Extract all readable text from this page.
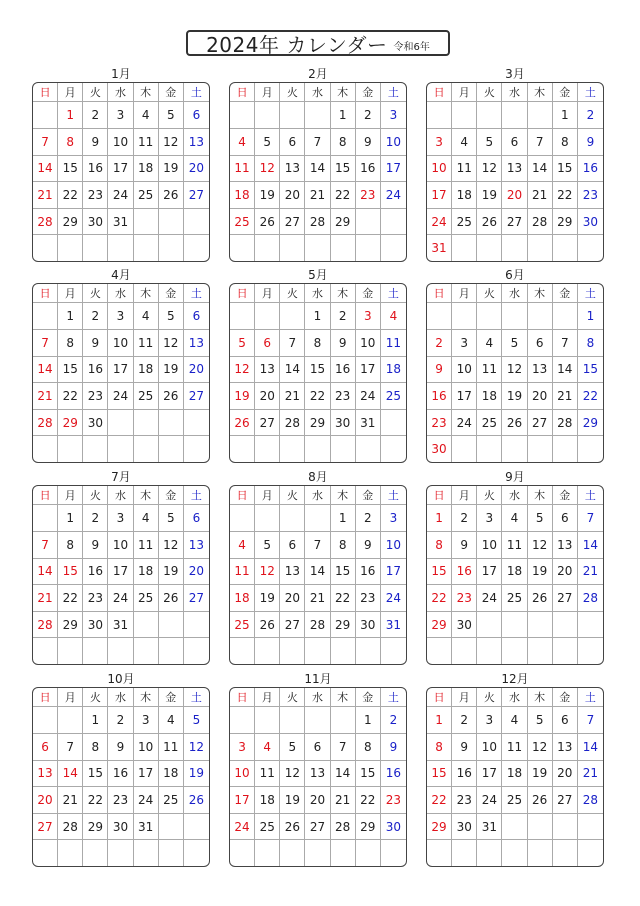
2024年 カレンダー 令和6年
1月
日	月	火	水	木	金	土
	1	2	3	4	5	6
7	8	9	10	11	12	13
14	15	16	17	18	19	20
21	22	23	24	25	26	27
28	29	30	31			

2月
日	月	火	水	木	金	土
				1	2	3
4	5	6	7	8	9	10
11	12	13	14	15	16	17
18	19	20	21	22	23	24
25	26	27	28	29		

3月
日	月	火	水	木	金	土
					1	2
3	4	5	6	7	8	9
10	11	12	13	14	15	16
17	18	19	20	21	22	23
24	25	26	27	28	29	30
31						
4月
日	月	火	水	木	金	土
	1	2	3	4	5	6
7	8	9	10	11	12	13
14	15	16	17	18	19	20
21	22	23	24	25	26	27
28	29	30				

5月
日	月	火	水	木	金	土
			1	2	3	4
5	6	7	8	9	10	11
12	13	14	15	16	17	18
19	20	21	22	23	24	25
26	27	28	29	30	31	

6月
日	月	火	水	木	金	土
						1
2	3	4	5	6	7	8
9	10	11	12	13	14	15
16	17	18	19	20	21	22
23	24	25	26	27	28	29
30						
7月
日	月	火	水	木	金	土
	1	2	3	4	5	6
7	8	9	10	11	12	13
14	15	16	17	18	19	20
21	22	23	24	25	26	27
28	29	30	31			

8月
日	月	火	水	木	金	土
				1	2	3
4	5	6	7	8	9	10
11	12	13	14	15	16	17
18	19	20	21	22	23	24
25	26	27	28	29	30	31

9月
日	月	火	水	木	金	土
1	2	3	4	5	6	7
8	9	10	11	12	13	14
15	16	17	18	19	20	21
22	23	24	25	26	27	28
29	30					

10月
日	月	火	水	木	金	土
		1	2	3	4	5
6	7	8	9	10	11	12
13	14	15	16	17	18	19
20	21	22	23	24	25	26
27	28	29	30	31		

11月
日	月	火	水	木	金	土
					1	2
3	4	5	6	7	8	9
10	11	12	13	14	15	16
17	18	19	20	21	22	23
24	25	26	27	28	29	30

12月
日	月	火	水	木	金	土
1	2	3	4	5	6	7
8	9	10	11	12	13	14
15	16	17	18	19	20	21
22	23	24	25	26	27	28
29	30	31				
